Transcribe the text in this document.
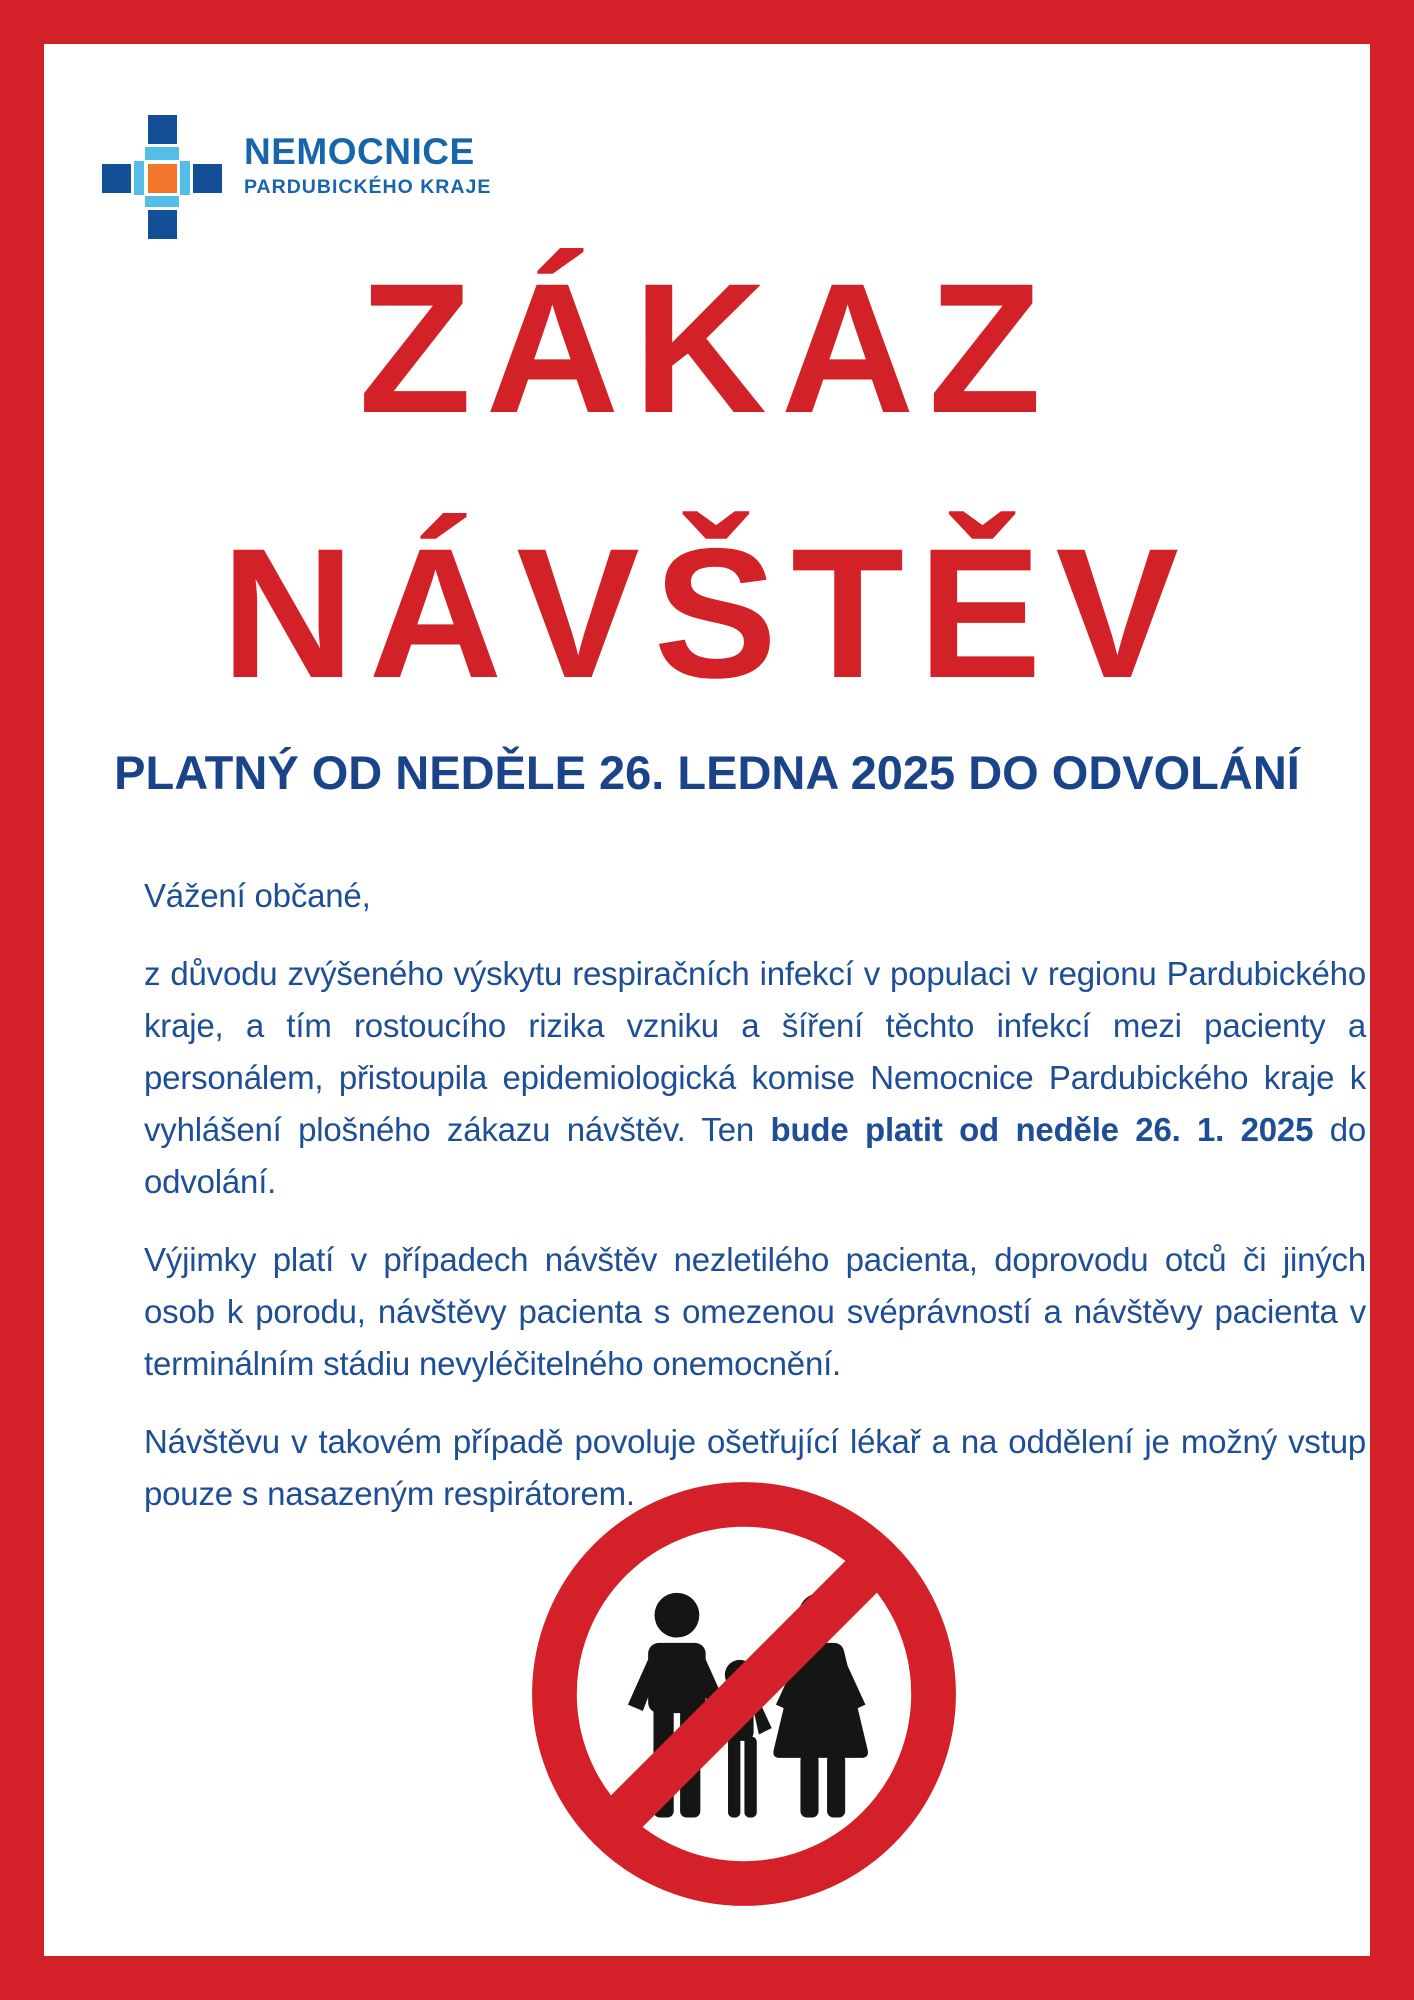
NEMOCNICE
PARDUBICKÉHO KRAJE
ZÁKAZ
NÁVŠTĚV
PLATNÝ OD NEDĚLE 26. LEDNA 2025 DO ODVOLÁNÍ

Vážení občané,

z důvodu zvýšeného výskytu respiračních infekcí v populaci v regionu Pardubického kraje, a tím rostoucího rizika vzniku a šíření těchto infekcí mezi pacienty a personálem, přistoupila epidemiologická komise Nemocnice Pardubického kraje k vyhlášení plošného zákazu návštěv. Ten bude platit od neděle 26. 1. 2025 do odvolání.

Výjimky platí v případech návštěv nezletilého pacienta, doprovodu otců či jiných osob k porodu, návštěvy pacienta s omezenou svéprávností a návštěvy pacienta v terminálním stádiu nevyléčitelného onemocnění.

Návštěvu v takovém případě povoluje ošetřující lékař a na oddělení je možný vstup pouze s nasazeným respirátorem.
